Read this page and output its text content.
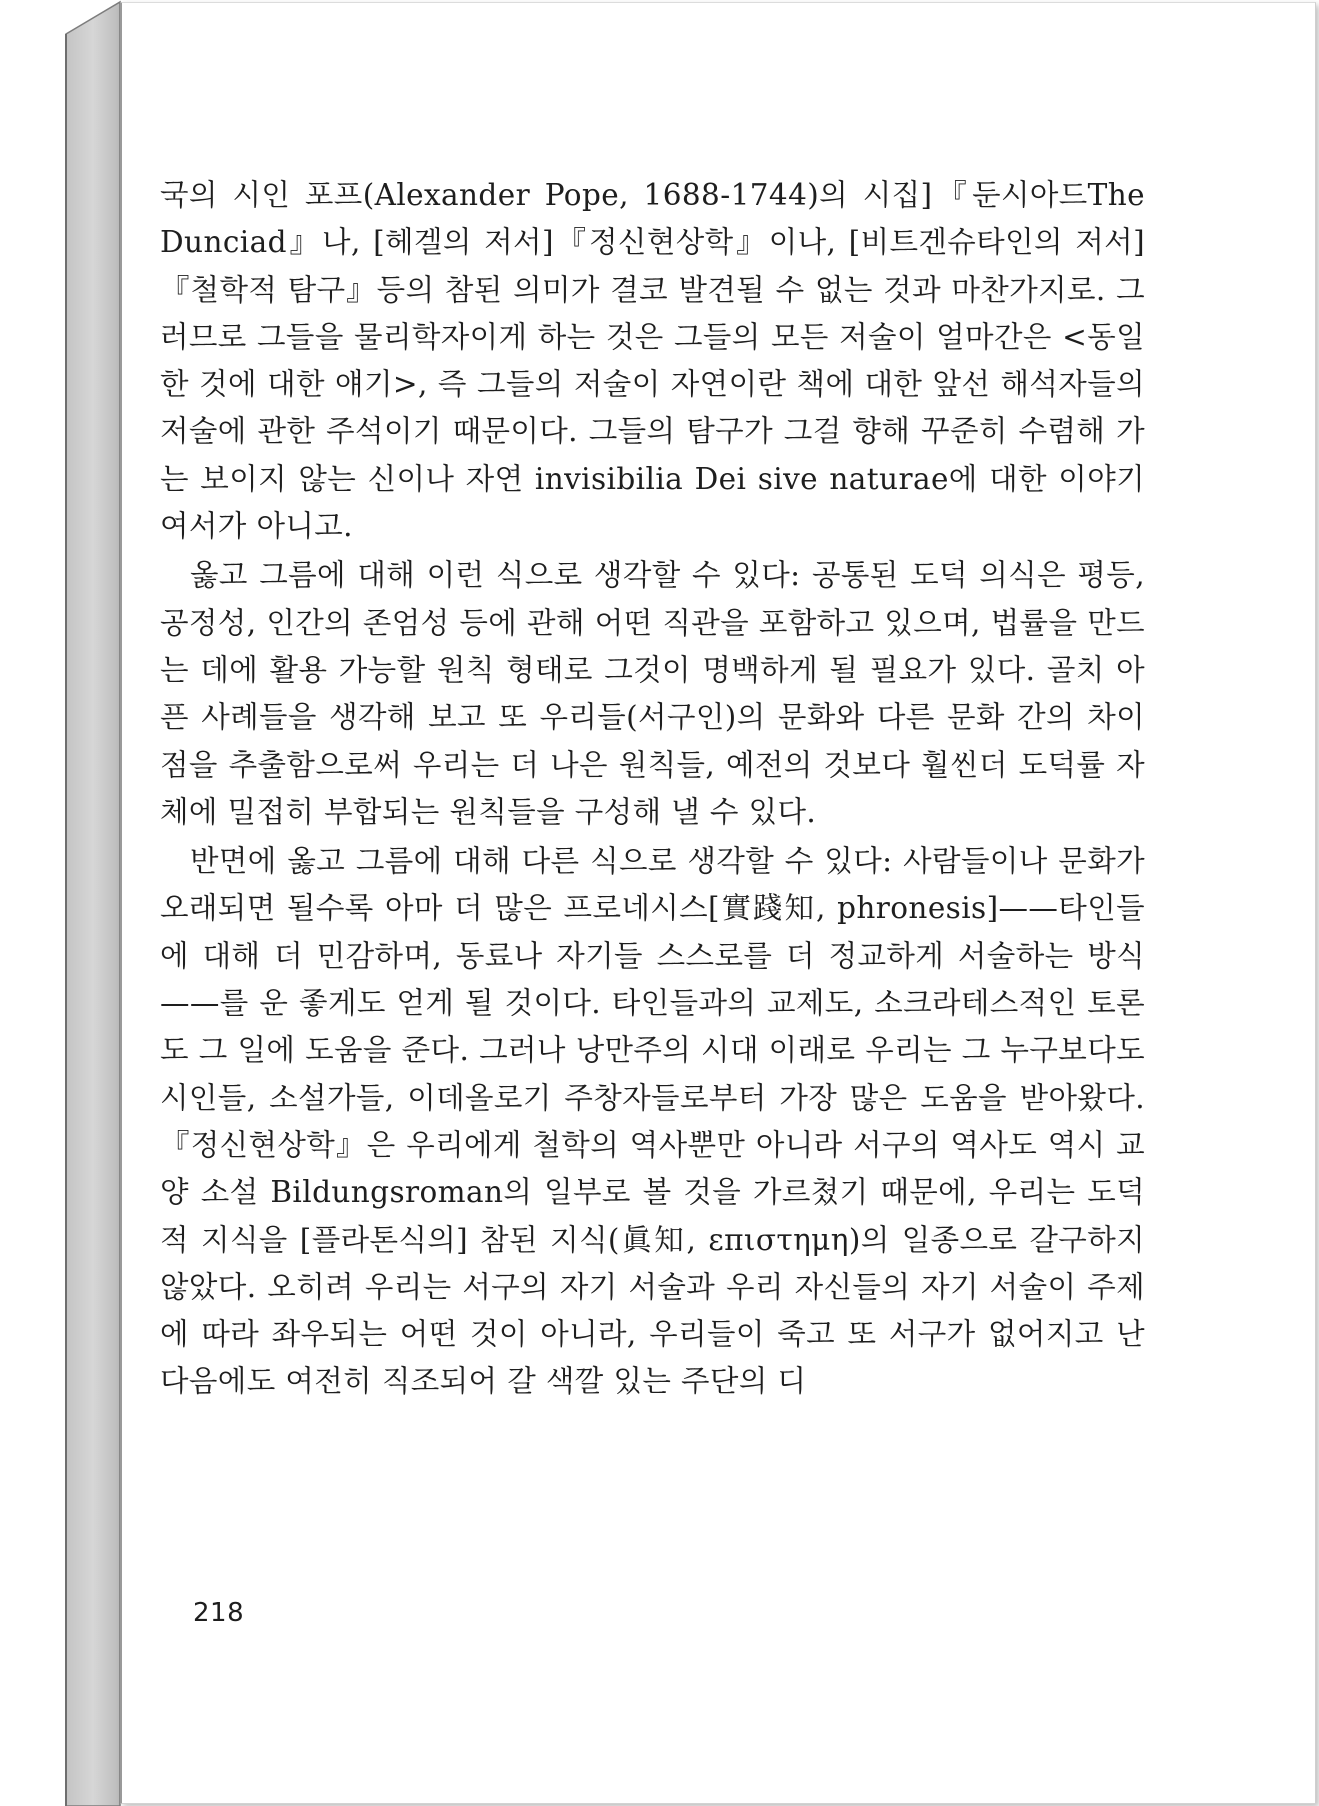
국의 시인 포프(Alexander Pope, 1688-1744)의 시집]『둔시아드The Dunciad』나, [헤겔의 저서]『정신현상학』이나, [비트겐슈타인의 저서]『철학적 탐구』등의 참된 의미가 결코 발견될 수 없는 것과 마찬가지로. 그러므로 그들을 물리학자이게 하는 것은 그들의 모든 저술이 얼마간은 <동일한 것에 대한 얘기>, 즉 그들의 저술이 자연이란 책에 대한 앞선 해석자들의 저술에 관한 주석이기 때문이다. 그들의 탐구가 그걸 향해 꾸준히 수렴해 가는 보이지 않는 신이나 자연 invisibilia Dei sive naturae에 대한 이야기여서가 아니고.

옳고 그름에 대해 이런 식으로 생각할 수 있다: 공통된 도덕 의식은 평등, 공정성, 인간의 존엄성 등에 관해 어떤 직관을 포함하고 있으며, 법률을 만드는 데에 활용 가능할 원칙 형태로 그것이 명백하게 될 필요가 있다. 골치 아픈 사례들을 생각해 보고 또 우리들(서구인)의 문화와 다른 문화 간의 차이점을 추출함으로써 우리는 더 나은 원칙들, 예전의 것보다 훨씬더 도덕률 자체에 밀접히 부합되는 원칙들을 구성해 낼 수 있다.

반면에 옳고 그름에 대해 다른 식으로 생각할 수 있다: 사람들이나 문화가 오래되면 될수록 아마 더 많은 프로네시스[實踐知, phronesis]——타인들에 대해 더 민감하며, 동료나 자기들 스스로를 더 정교하게 서술하는 방식——를 운 좋게도 얻게 될 것이다. 타인들과의 교제도, 소크라테스적인 토론도 그 일에 도움을 준다. 그러나 낭만주의 시대 이래로 우리는 그 누구보다도 시인들, 소설가들, 이데올로기 주창자들로부터 가장 많은 도움을 받아왔다.『정신현상학』은 우리에게 철학의 역사뿐만 아니라 서구의 역사도 역시 교양 소설 Bildungsroman의 일부로 볼 것을 가르쳤기 때문에, 우리는 도덕적 지식을 [플라톤식의] 참된 지식(眞知, επιστημη)의 일종으로 갈구하지 않았다. 오히려 우리는 서구의 자기 서술과 우리 자신들의 자기 서술이 주제에 따라 좌우되는 어떤 것이 아니라, 우리들이 죽고 또 서구가 없어지고 난 다음에도 여전히 직조되어 갈 색깔 있는 주단의 디

218
